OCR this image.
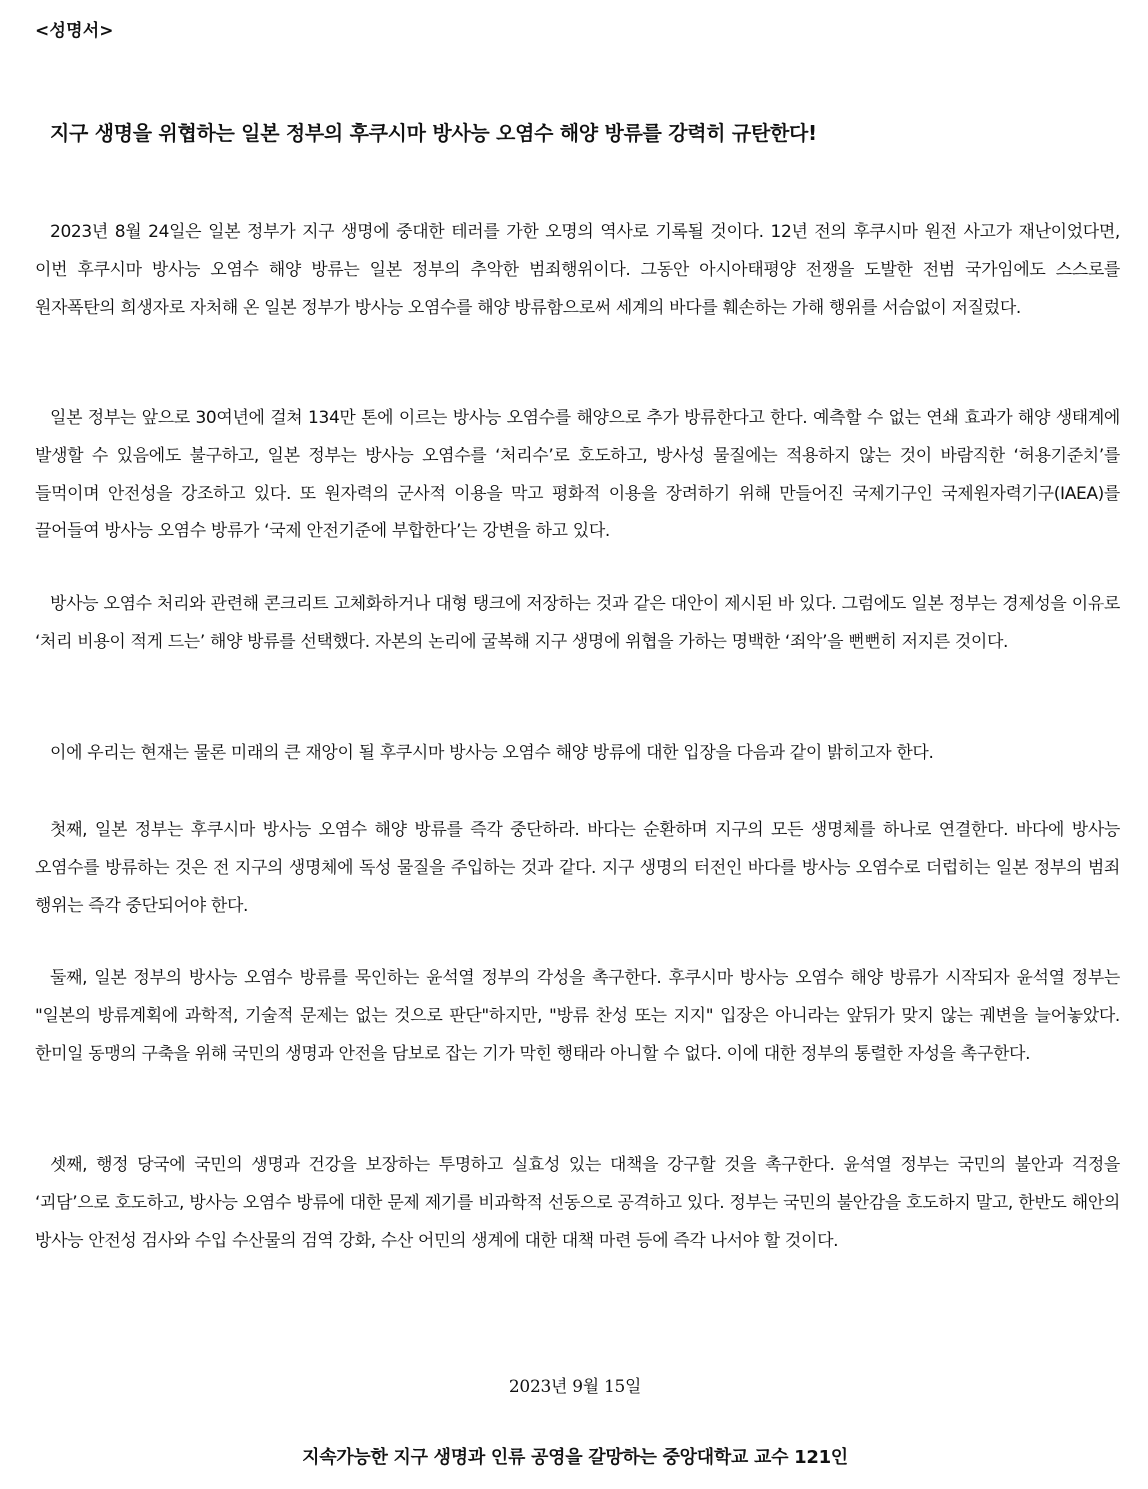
<성명서>
지구 생명을 위협하는 일본 정부의 후쿠시마 방사능 오염수 해양 방류를 강력히 규탄한다!

2023년 8월 24일은 일본 정부가 지구 생명에 중대한 테러를 가한 오명의 역사로 기록될 것이다. 12년 전의 후쿠시마 원전 사고가 재난이었다면, 이번 후쿠시마 방사능 오염수 해양 방류는 일본 정부의 추악한 범죄행위이다. 그동안 아시아태평양 전쟁을 도발한 전범 국가임에도 스스로를 원자폭탄의 희생자로 자처해 온 일본 정부가 방사능 오염수를 해양 방류함으로써 세계의 바다를 훼손하는 가해 행위를 서슴없이 저질렀다.

일본 정부는 앞으로 30여년에 걸쳐 134만 톤에 이르는 방사능 오염수를 해양으로 추가 방류한다고 한다. 예측할 수 없는 연쇄 효과가 해양 생태계에 발생할 수 있음에도 불구하고, 일본 정부는 방사능 오염수를 ‘처리수’로 호도하고, 방사성 물질에는 적용하지 않는 것이 바람직한 ‘허용기준치’를 들먹이며 안전성을 강조하고 있다. 또 원자력의 군사적 이용을 막고 평화적 이용을 장려하기 위해 만들어진 국제기구인 국제원자력기구(IAEA)를 끌어들여 방사능 오염수 방류가 ‘국제 안전기준에 부합한다’는 강변을 하고 있다.

방사능 오염수 처리와 관련해 콘크리트 고체화하거나 대형 탱크에 저장하는 것과 같은 대안이 제시된 바 있다. 그럼에도 일본 정부는 경제성을 이유로 ‘처리 비용이 적게 드는’ 해양 방류를 선택했다. 자본의 논리에 굴복해 지구 생명에 위협을 가하는 명백한 ‘죄악’을 뻔뻔히 저지른 것이다.

이에 우리는 현재는 물론 미래의 큰 재앙이 될 후쿠시마 방사능 오염수 해양 방류에 대한 입장을 다음과 같이 밝히고자 한다.

첫째, 일본 정부는 후쿠시마 방사능 오염수 해양 방류를 즉각 중단하라. 바다는 순환하며 지구의 모든 생명체를 하나로 연결한다. 바다에 방사능 오염수를 방류하는 것은 전 지구의 생명체에 독성 물질을 주입하는 것과 같다. 지구 생명의 터전인 바다를 방사능 오염수로 더럽히는 일본 정부의 범죄 행위는 즉각 중단되어야 한다.

둘째, 일본 정부의 방사능 오염수 방류를 묵인하는 윤석열 정부의 각성을 촉구한다. 후쿠시마 방사능 오염수 해양 방류가 시작되자 윤석열 정부는 "일본의 방류계획에 과학적, 기술적 문제는 없는 것으로 판단"하지만, "방류 찬성 또는 지지" 입장은 아니라는 앞뒤가 맞지 않는 궤변을 늘어놓았다. 한미일 동맹의 구축을 위해 국민의 생명과 안전을 담보로 잡는 기가 막힌 행태라 아니할 수 없다. 이에 대한 정부의 통렬한 자성을 촉구한다.

셋째, 행정 당국에 국민의 생명과 건강을 보장하는 투명하고 실효성 있는 대책을 강구할 것을 촉구한다. 윤석열 정부는 국민의 불안과 걱정을 ‘괴담’으로 호도하고, 방사능 오염수 방류에 대한 문제 제기를 비과학적 선동으로 공격하고 있다. 정부는 국민의 불안감을 호도하지 말고, 한반도 해안의 방사능 안전성 검사와 수입 수산물의 검역 강화, 수산 어민의 생계에 대한 대책 마련 등에 즉각 나서야 할 것이다.

2023년 9월 15일
지속가능한 지구 생명과 인류 공영을 갈망하는 중앙대학교 교수 121인
